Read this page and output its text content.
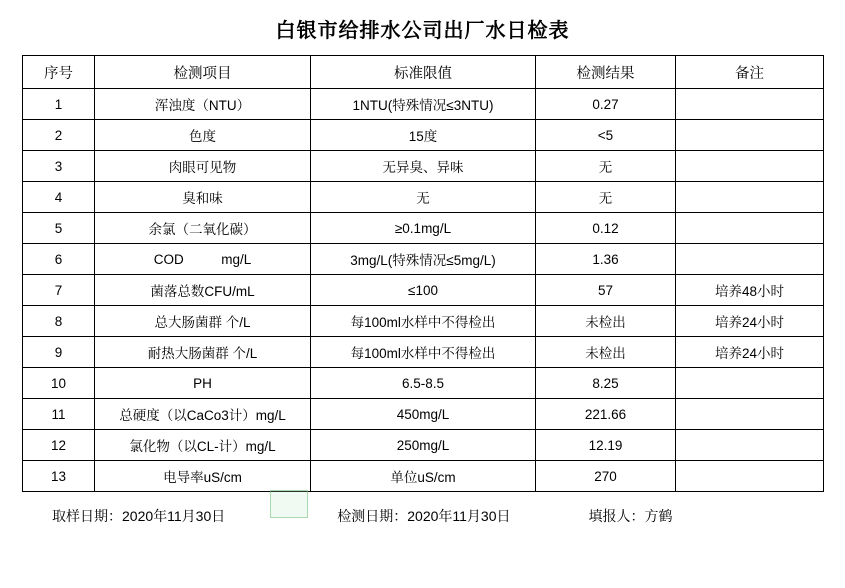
白银市给排水公司出厂水日检表
序号	检测项目	标准限值	检测结果	备注
1	浑浊度（NTU）	1NTU(特殊情况≤3NTU)	0.27	
2	色度	15度	<5	
3	肉眼可见物	无异臭、异味	无	
4	臭和味	无	无	
5	余氯（二氧化碳）	≥0.1mg/L	0.12	
6	COD          mg/L	3mg/L(特殊情况≤5mg/L)	1.36	
7	菌落总数CFU/mL	≤100	57	培养48小时
8	总大肠菌群 个/L	每100ml水样中不得检出	未检出	培养24小时
9	耐热大肠菌群 个/L	每100ml水样中不得检出	未检出	培养24小时
10	PH	6.5-8.5	8.25	
11	总硬度（以CaCo3计）mg/L	450mg/L	221.66	
12	氯化物（以CL-计）mg/L	250mg/L	12.19	
13	电导率uS/cm	单位uS/cm	270	
取样日期：2020年11月30日	检测日期：2020年11月30日	填报人：方鹤
